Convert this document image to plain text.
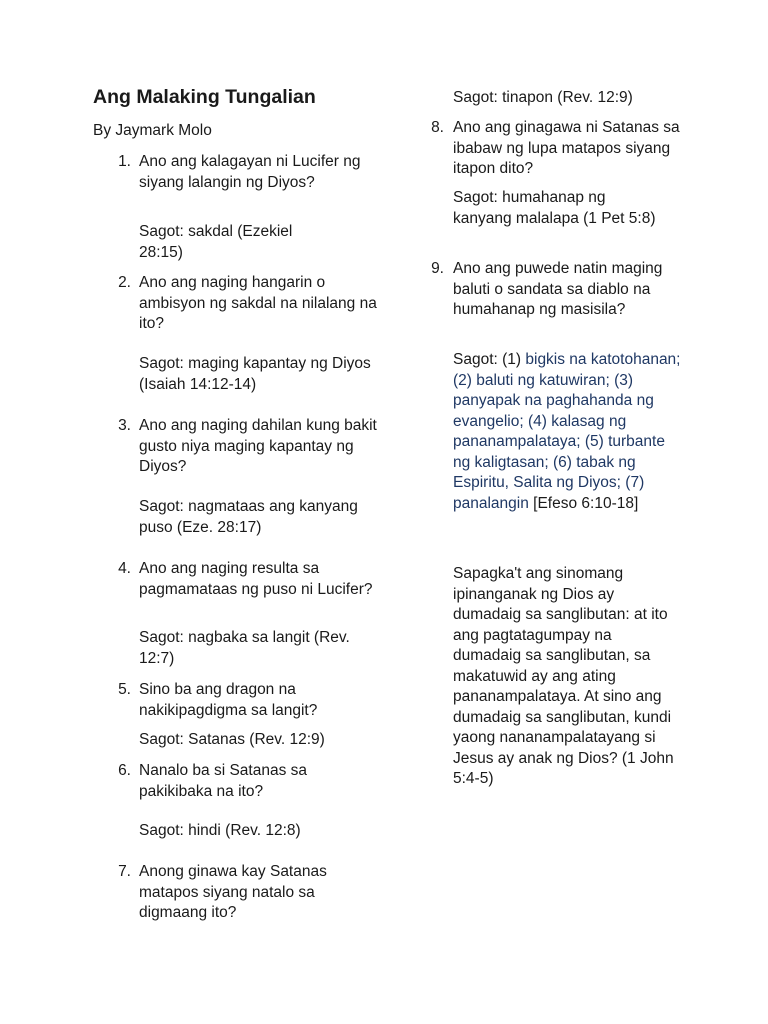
Ang Malaking Tungalian
By Jaymark Molo
1. Ano ang kalagayan ni Lucifer ng siyang lalangin ng Diyos?
Sagot: sakdal (Ezekiel 28:15)
2. Ano ang naging hangarin o ambisyon ng sakdal na nilalang na ito?
Sagot: maging kapantay ng Diyos (Isaiah 14:12-14)
3. Ano ang naging dahilan kung bakit gusto niya maging kapantay ng Diyos?
Sagot: nagmataas ang kanyang puso (Eze. 28:17)
4. Ano ang naging resulta sa pagmamataas ng puso ni Lucifer?
Sagot: nagbaka sa langit (Rev. 12:7)
5. Sino ba ang dragon na nakikipagdigma sa langit?
Sagot: Satanas (Rev. 12:9)
6. Nanalo ba si Satanas sa pakikibaka na ito?
Sagot: hindi (Rev. 12:8)
7. Anong ginawa kay Satanas matapos siyang natalo sa digmaang ito?
Sagot: tinapon (Rev. 12:9)
8. Ano ang ginagawa ni Satanas sa ibabaw ng lupa matapos siyang itapon dito?
Sagot: humahanap ng kanyang malalapa (1 Pet 5:8)
9. Ano ang puwede natin maging baluti o sandata sa diablo na humahanap ng masisila?
Sagot: (1) bigkis na katotohanan; (2) baluti ng katuwiran; (3) panyapak na paghahanda ng evangelio; (4) kalasag ng pananampalataya; (5) turbante ng kaligtasan; (6) tabak ng Espiritu, Salita ng Diyos; (7) panalangin [Efeso 6:10-18]
Sapagka't ang sinomang ipinanganak ng Dios ay dumadaig sa sanglibutan: at ito ang pagtatagumpay na dumadaig sa sanglibutan, sa makatuwid ay ang ating pananampalataya. At sino ang dumadaig sa sanglibutan, kundi yaong nananampalatayang si Jesus ay anak ng Dios? (1 John 5:4-5)
